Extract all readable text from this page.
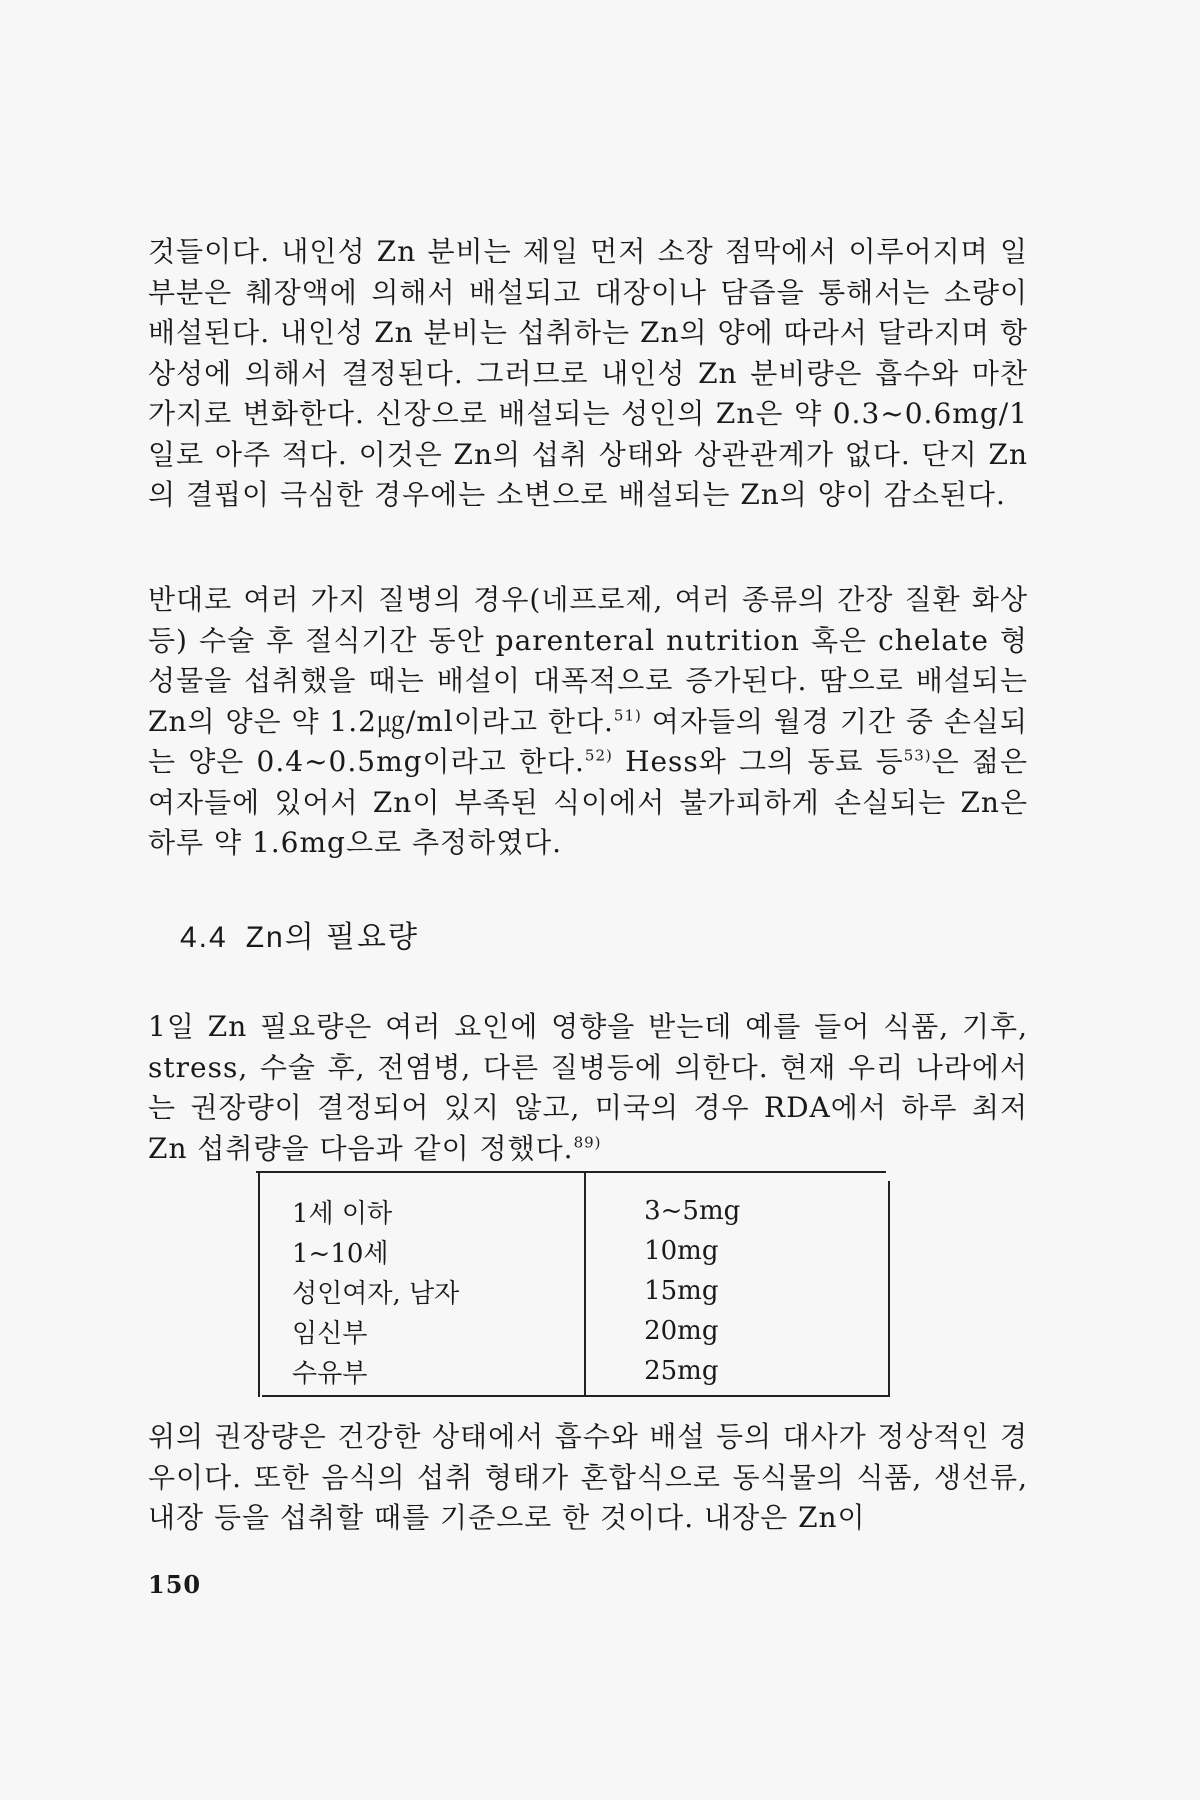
것들이다. 내인성 Zn 분비는 제일 먼저 소장 점막에서 이루어지며 일부분은 췌장액에 의해서 배설되고 대장이나 담즙을 통해서는 소량이 배설된다. 내인성 Zn 분비는 섭취하는 Zn의 양에 따라서 달라지며 항상성에 의해서 결정된다. 그러므로 내인성 Zn 분비량은 흡수와 마찬가지로 변화한다. 신장으로 배설되는 성인의 Zn은 약 0.3~0.6mg/1일로 아주 적다. 이것은 Zn의 섭취 상태와 상관관계가 없다. 단지 Zn의 결핍이 극심한 경우에는 소변으로 배설되는 Zn의 양이 감소된다.

반대로 여러 가지 질병의 경우(네프로제, 여러 종류의 간장 질환 화상 등) 수술 후 절식기간 동안 parenteral nutrition 혹은 chelate 형성물을 섭취했을 때는 배설이 대폭적으로 증가된다. 땀으로 배설되는 Zn의 양은 약 1.2㎍/ml이라고 한다.$^{51)}$ 여자들의 월경 기간 중 손실되는 양은 0.4~0.5mg이라고 한다.$^{52)}$ Hess와 그의 동료 등$^{53)}$은 젊은 여자들에 있어서 Zn이 부족된 식이에서 불가피하게 손실되는 Zn은 하루 약 1.6mg으로 추정하였다.

4.4 Zn의 필요량

1일 Zn 필요량은 여러 요인에 영향을 받는데 예를 들어 식품, 기후, stress, 수술 후, 전염병, 다른 질병등에 의한다. 현재 우리 나라에서는 권장량이 결정되어 있지 않고, 미국의 경우 RDA에서 하루 최저 Zn 섭취량을 다음과 같이 정했다.$^{89)}$

1세 이하	3~5mg
1~10세	10mg
성인여자, 남자	15mg
임신부	20mg
수유부	25mg

위의 권장량은 건강한 상태에서 흡수와 배설 등의 대사가 정상적인 경우이다. 또한 음식의 섭취 형태가 혼합식으로 동식물의 식품, 생선류, 내장 등을 섭취할 때를 기준으로 한 것이다. 내장은 Zn이

150
